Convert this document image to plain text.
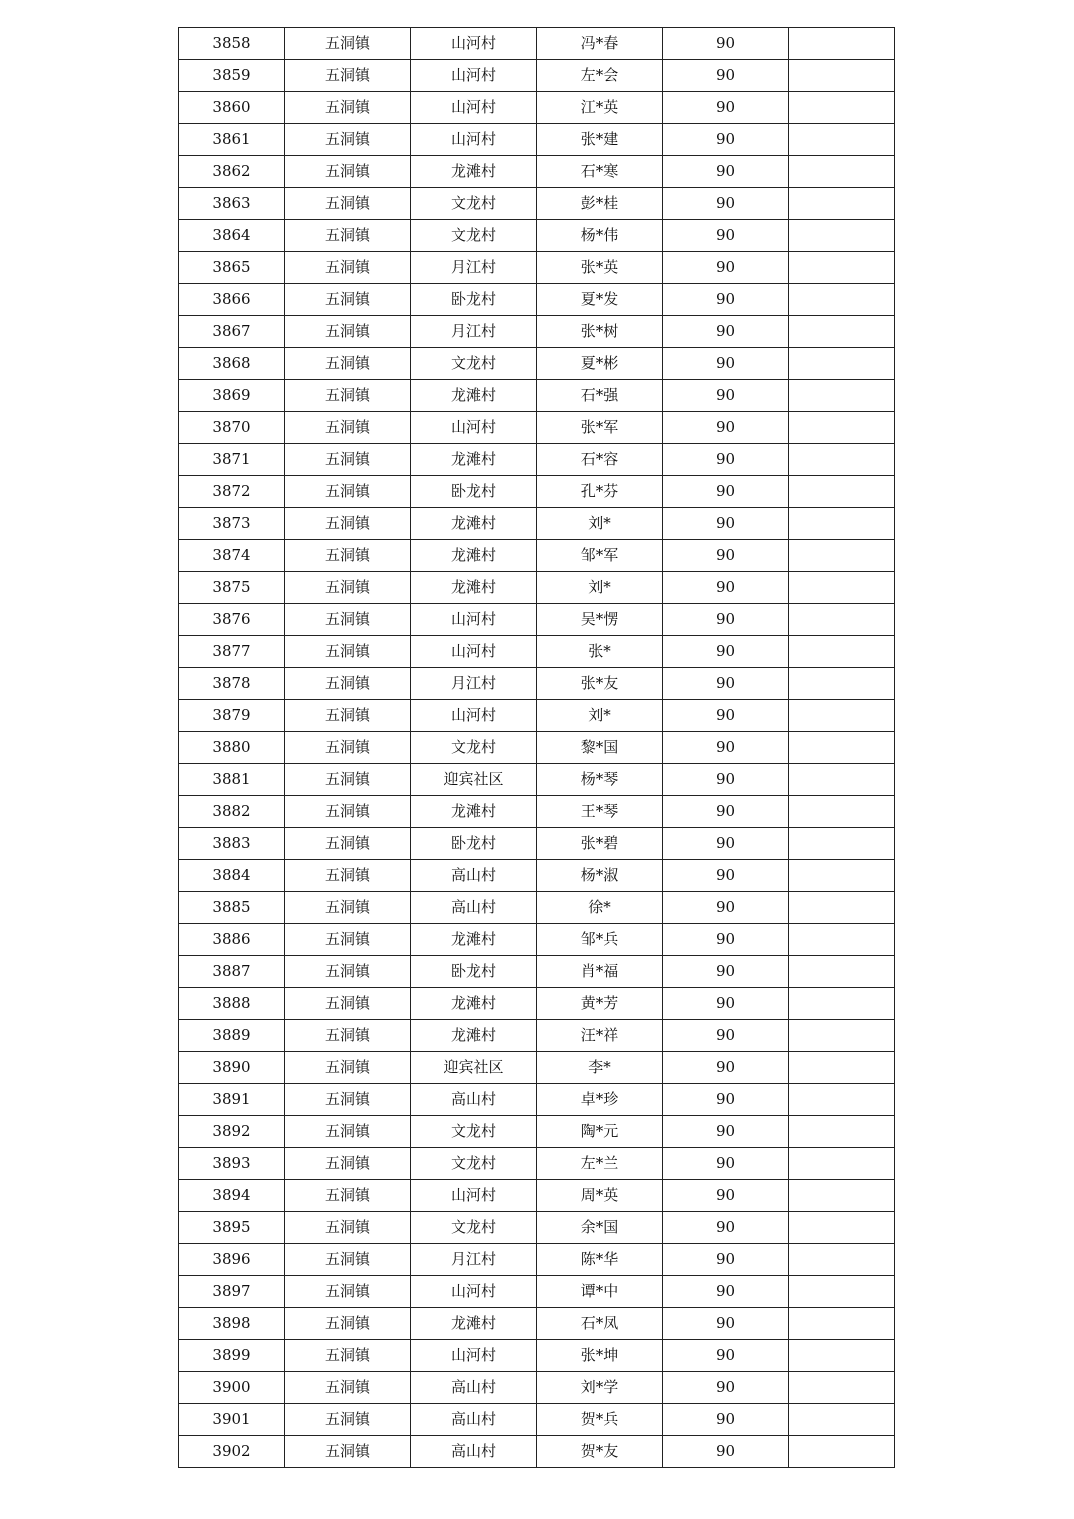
3858	五洞镇	山河村	冯*春	90	
3859	五洞镇	山河村	左*会	90	
3860	五洞镇	山河村	江*英	90	
3861	五洞镇	山河村	张*建	90	
3862	五洞镇	龙滩村	石*寒	90	
3863	五洞镇	文龙村	彭*桂	90	
3864	五洞镇	文龙村	杨*伟	90	
3865	五洞镇	月江村	张*英	90	
3866	五洞镇	卧龙村	夏*发	90	
3867	五洞镇	月江村	张*树	90	
3868	五洞镇	文龙村	夏*彬	90	
3869	五洞镇	龙滩村	石*强	90	
3870	五洞镇	山河村	张*军	90	
3871	五洞镇	龙滩村	石*容	90	
3872	五洞镇	卧龙村	孔*芬	90	
3873	五洞镇	龙滩村	刘*	90	
3874	五洞镇	龙滩村	邹*军	90	
3875	五洞镇	龙滩村	刘*	90	
3876	五洞镇	山河村	吴*愣	90	
3877	五洞镇	山河村	张*	90	
3878	五洞镇	月江村	张*友	90	
3879	五洞镇	山河村	刘*	90	
3880	五洞镇	文龙村	黎*国	90	
3881	五洞镇	迎宾社区	杨*琴	90	
3882	五洞镇	龙滩村	王*琴	90	
3883	五洞镇	卧龙村	张*碧	90	
3884	五洞镇	高山村	杨*淑	90	
3885	五洞镇	高山村	徐*	90	
3886	五洞镇	龙滩村	邹*兵	90	
3887	五洞镇	卧龙村	肖*福	90	
3888	五洞镇	龙滩村	黄*芳	90	
3889	五洞镇	龙滩村	汪*祥	90	
3890	五洞镇	迎宾社区	李*	90	
3891	五洞镇	高山村	卓*珍	90	
3892	五洞镇	文龙村	陶*元	90	
3893	五洞镇	文龙村	左*兰	90	
3894	五洞镇	山河村	周*英	90	
3895	五洞镇	文龙村	余*国	90	
3896	五洞镇	月江村	陈*华	90	
3897	五洞镇	山河村	谭*中	90	
3898	五洞镇	龙滩村	石*凤	90	
3899	五洞镇	山河村	张*坤	90	
3900	五洞镇	高山村	刘*学	90	
3901	五洞镇	高山村	贺*兵	90	
3902	五洞镇	高山村	贺*友	90	
